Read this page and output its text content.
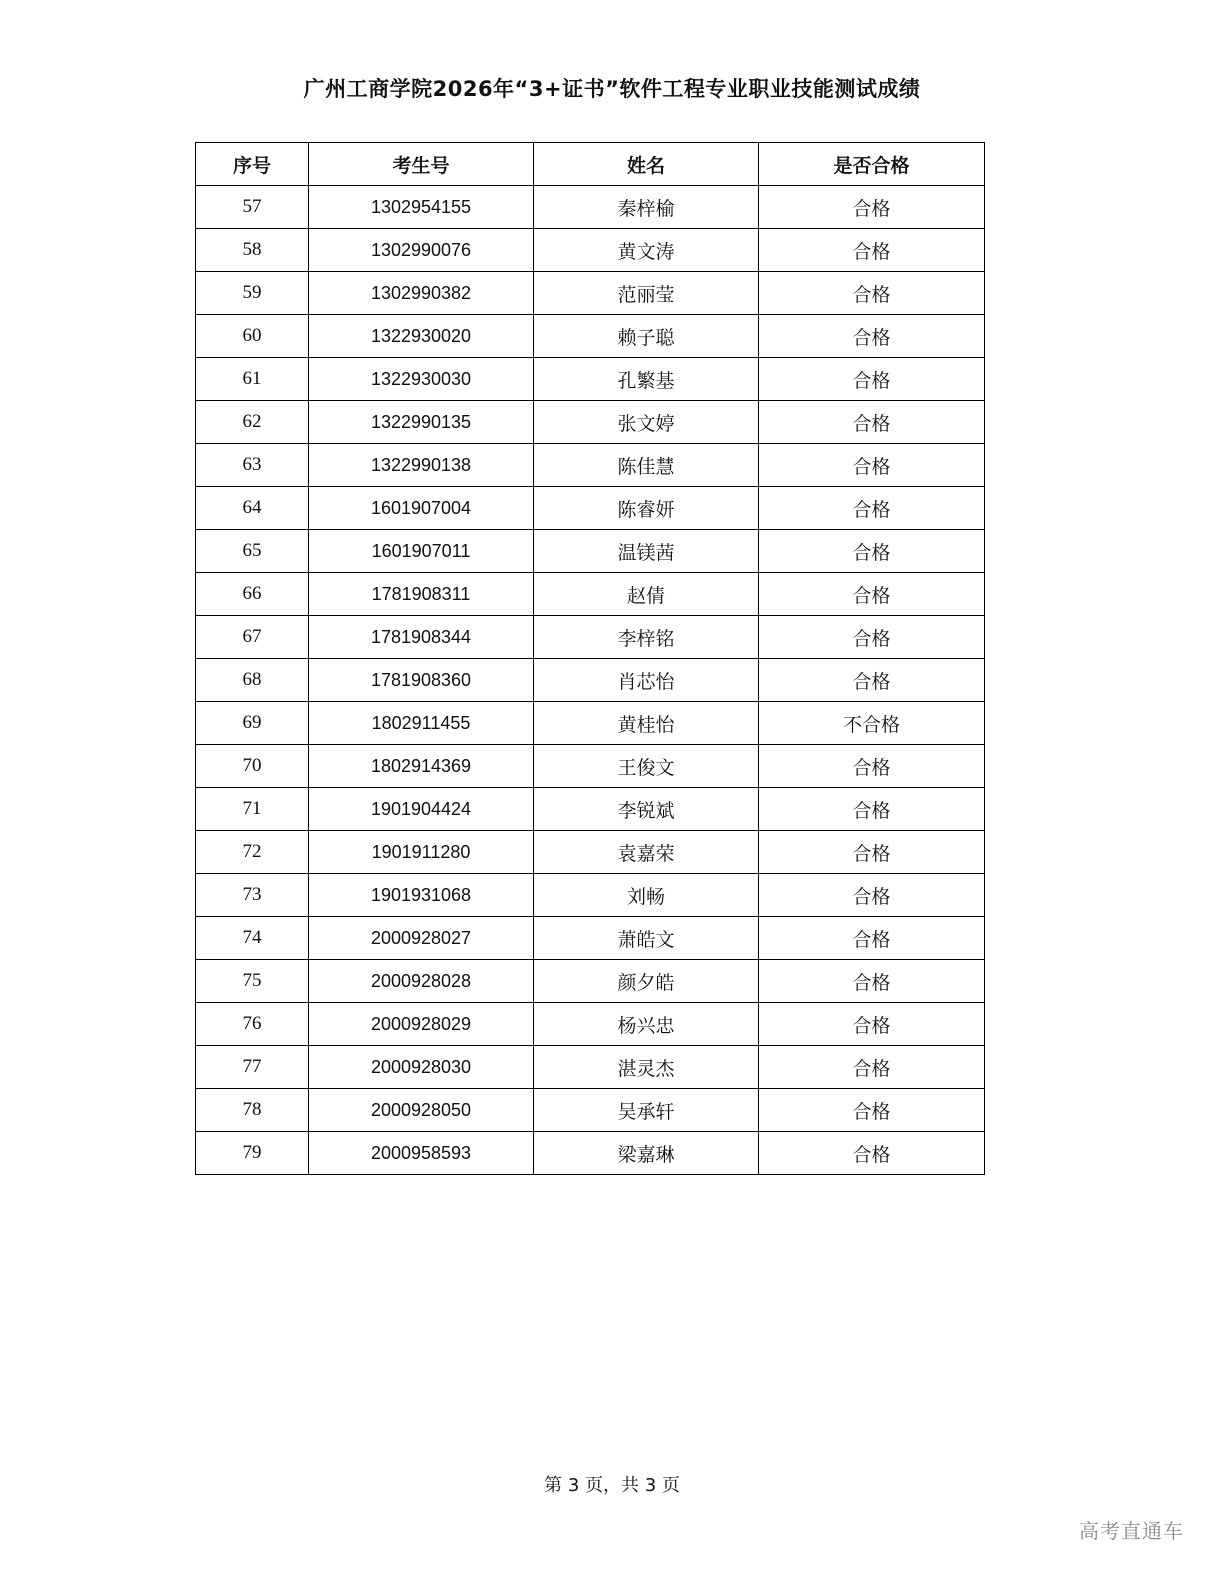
广州工商学院2026年“3+证书”软件工程专业职业技能测试成绩
序号	考生号	姓名	是否合格
57	1302954155	秦梓榆	合格
58	1302990076	黄文涛	合格
59	1302990382	范丽莹	合格
60	1322930020	赖子聪	合格
61	1322930030	孔繁基	合格
62	1322990135	张文婷	合格
63	1322990138	陈佳慧	合格
64	1601907004	陈睿妍	合格
65	1601907011	温镁茜	合格
66	1781908311	赵倩	合格
67	1781908344	李梓铭	合格
68	1781908360	肖芯怡	合格
69	1802911455	黄桂怡	不合格
70	1802914369	王俊文	合格
71	1901904424	李锐斌	合格
72	1901911280	袁嘉荣	合格
73	1901931068	刘畅	合格
74	2000928027	萧皓文	合格
75	2000928028	颜夕皓	合格
76	2000928029	杨兴忠	合格
77	2000928030	湛灵杰	合格
78	2000928050	吴承轩	合格
79	2000958593	梁嘉琳	合格
第 3 页，共 3 页
高考直通车
